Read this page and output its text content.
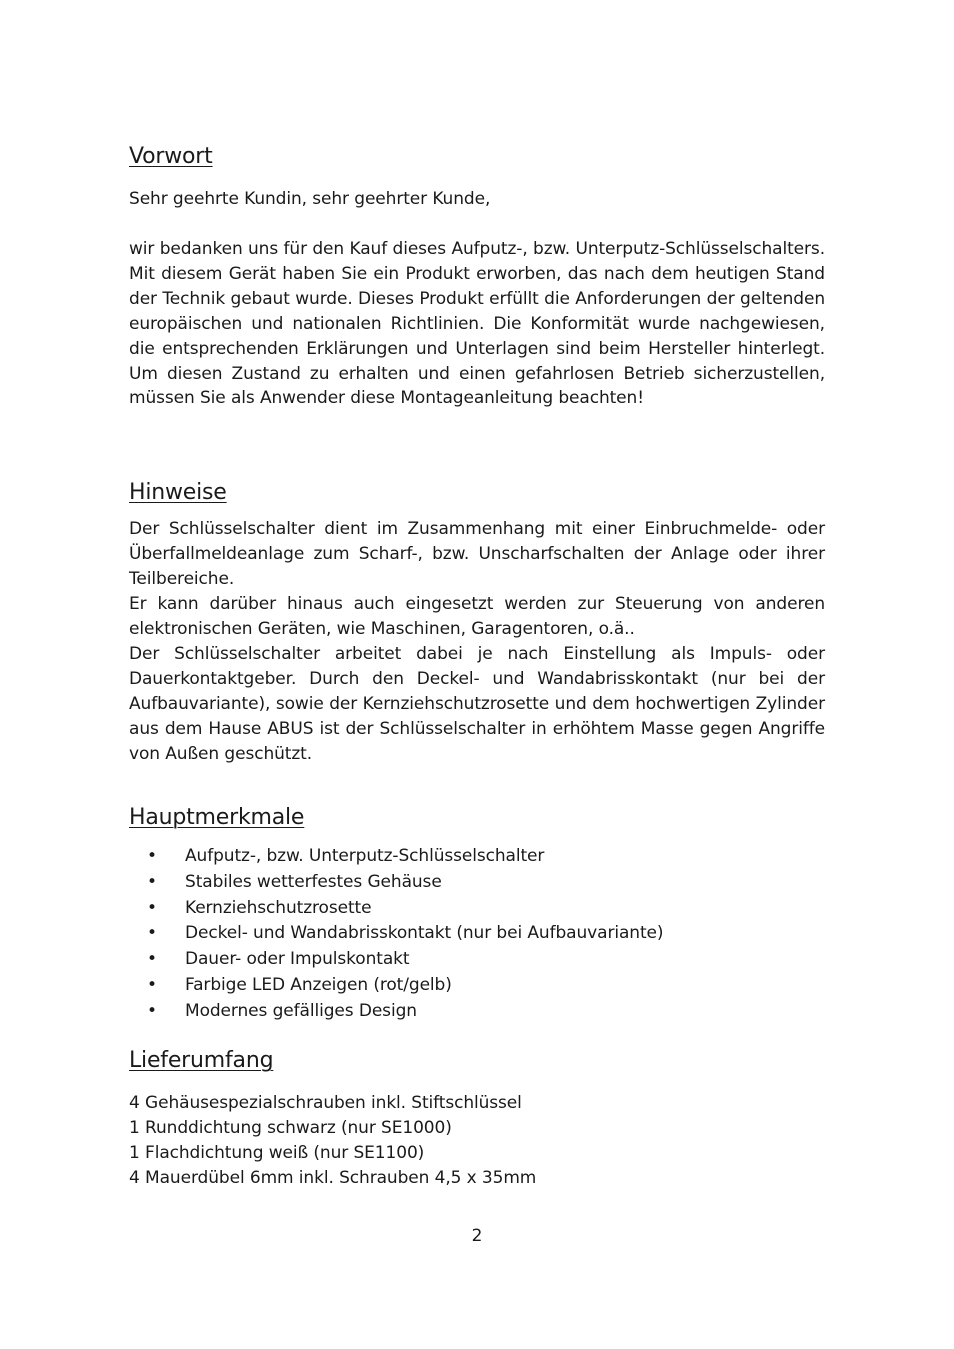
Vorwort

Sehr geehrte Kundin, sehr geehrter Kunde,

wir bedanken uns für den Kauf dieses Aufputz-, bzw. Unterputz-Schlüsselschalters. Mit diesem Gerät haben Sie ein Produkt erworben, das nach dem heutigen Stand der Technik gebaut wurde. Dieses Produkt erfüllt die Anforderungen der geltenden europäischen und nationalen Richtlinien. Die Konformität wurde nachgewiesen, die entsprechenden Erklärungen und Unterlagen sind beim Hersteller hinterlegt. Um diesen Zustand zu erhalten und einen gefahrlosen Betrieb sicherzustellen, müssen Sie als Anwender diese Montageanleitung beachten!

Hinweise

Der Schlüsselschalter dient im Zusammenhang mit einer Einbruchmelde- oder Überfallmeldeanlage zum Scharf-, bzw. Unscharfschalten der Anlage oder ihrer Teilbereiche.

Er kann darüber hinaus auch eingesetzt werden zur Steuerung von anderen elektronischen Geräten, wie Maschinen, Garagentoren, o.ä..

Der Schlüsselschalter arbeitet dabei je nach Einstellung als Impuls- oder Dauerkontaktgeber. Durch den Deckel- und Wandabrisskontakt (nur bei der Aufbauvariante), sowie der Kernziehschutzrosette und dem hochwertigen Zylinder aus dem Hause ABUS ist der Schlüsselschalter in erhöhtem Masse gegen Angriffe von Außen geschützt.

Hauptmerkmale
• Aufputz-, bzw. Unterputz-Schlüsselschalter
• Stabiles wetterfestes Gehäuse
• Kernziehschutzrosette
• Deckel- und Wandabrisskontakt (nur bei Aufbauvariante)
• Dauer- oder Impulskontakt
• Farbige LED Anzeigen (rot/gelb)
• Modernes gefälliges Design
Lieferumfang
4 Gehäusespezialschrauben inkl. Stiftschlüssel
1 Runddichtung schwarz (nur SE1000)
1 Flachdichtung weiß (nur SE1100)
4 Mauerdübel 6mm inkl. Schrauben 4,5 x 35mm
2
